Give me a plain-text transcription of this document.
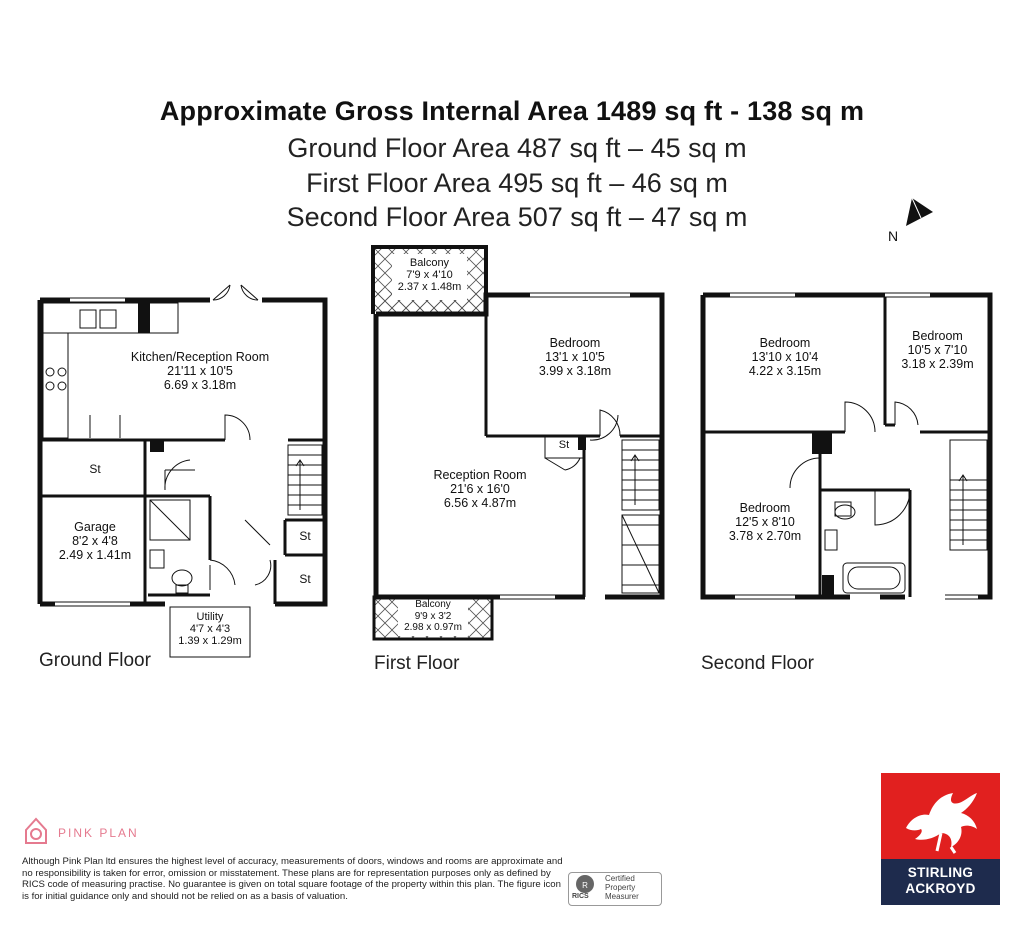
Approximate Gross Internal Area 1489 sq ft - 138 sq m
Ground Floor Area 487 sq ft – 45 sq m
First Floor Area 495 sq ft – 46 sq m
Second Floor Area 507 sq ft – 47 sq m
R
Kitchen/Reception Room
21'11 x 10'5
6.69 x 3.18m
St
Garage
8'2 x 4'8
2.49 x 1.41m
St
St
Utility
4'7 x 4'3
1.39 x 1.29m
Ground Floor
Balcony
7'9 x 4'10
2.37 x 1.48m
Bedroom
13'1 x 10'5
3.99 x 3.18m
St
Reception Room
21'6 x 16'0
6.56 x 4.87m
Balcony
9'9 x 3'2
2.98 x 0.97m
First Floor
Bedroom
13'10 x 10'4
4.22 x 3.15m
Bedroom
10'5 x 7'10
3.18 x 2.39m
Bedroom
12'5 x 8'10
3.78 x 2.70m
Second Floor
N
PINK PLAN
Although Pink Plan ltd ensures the highest level of accuracy, measurements of doors, windows and rooms are approximate and no responsibility is taken for error, omission or misstatement. These plans are for representation purposes only as defined by RICS code of measuring practise. No guarantee is given on total square footage of the property within this plan. The figure icon is for initial guidance only and should not be relied on as a basis of valuation.	RICS
Certified
Property
Measurer
STIRLING
ACKROYD
